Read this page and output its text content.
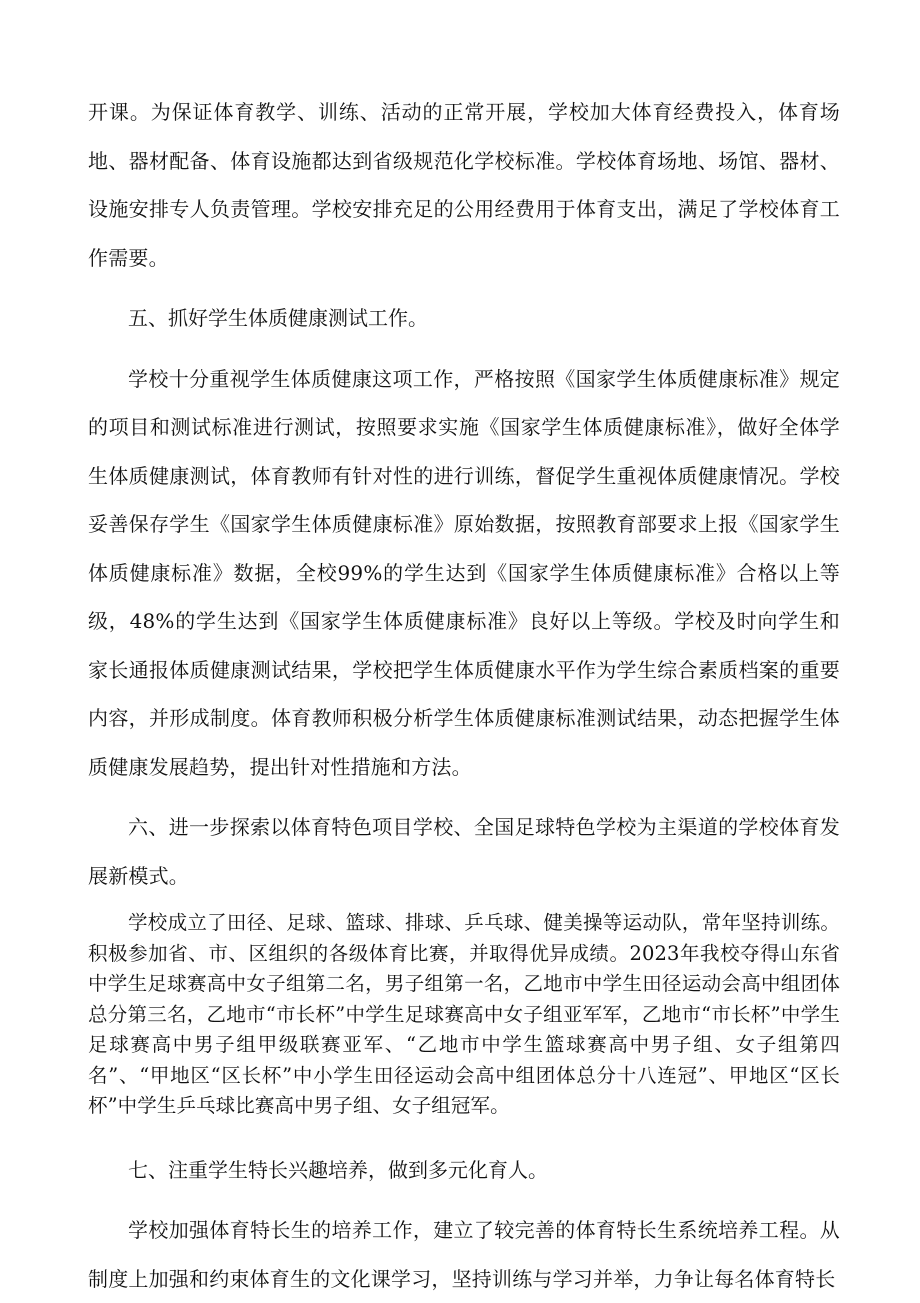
开课。为保证体育教学、训练、活动的正常开展，学校加大体育经费投入，体育场地、器材配备、体育设施都达到省级规范化学校标准。学校体育场地、场馆、器材、设施安排专人负责管理。学校安排充足的公用经费用于体育支出，满足了学校体育工作需要。

五、抓好学生体质健康测试工作。

学校十分重视学生体质健康这项工作，严格按照《国家学生体质健康标准》规定的项目和测试标准进行测试，按照要求实施《国家学生体质健康标准》，做好全体学生体质健康测试，体育教师有针对性的进行训练，督促学生重视体质健康情况。学校妥善保存学生《国家学生体质健康标准》原始数据，按照教育部要求上报《国家学生体质健康标准》数据，全校99%的学生达到《国家学生体质健康标准》合格以上等级，48%的学生达到《国家学生体质健康标准》良好以上等级。学校及时向学生和家长通报体质健康测试结果，学校把学生体质健康水平作为学生综合素质档案的重要内容，并形成制度。体育教师积极分析学生体质健康标准测试结果，动态把握学生体质健康发展趋势，提出针对性措施和方法。

六、进一步探索以体育特色项目学校、全国足球特色学校为主渠道的学校体育发展新模式。

学校成立了田径、足球、篮球、排球、乒乓球、健美操等运动队，常年坚持训练。积极参加省、市、区组织的各级体育比赛，并取得优异成绩。2023年我校夺得山东省中学生足球赛高中女子组第二名，男子组第一名，乙地市中学生田径运动会高中组团体总分第三名，乙地市“市长杯”中学生足球赛高中女子组亚军军，乙地市“市长杯”中学生足球赛高中男子组甲级联赛亚军、“乙地市中学生篮球赛高中男子组、女子组第四名”、“甲地区“区长杯”中小学生田径运动会高中组团体总分十八连冠”、甲地区“区长杯”中学生乒乓球比赛高中男子组、女子组冠军。

七、注重学生特长兴趣培养，做到多元化育人。

学校加强体育特长生的培养工作，建立了较完善的体育特长生系统培养工程。从制度上加强和约束体育生的文化课学习，坚持训练与学习并举，力争让每名体育特长
